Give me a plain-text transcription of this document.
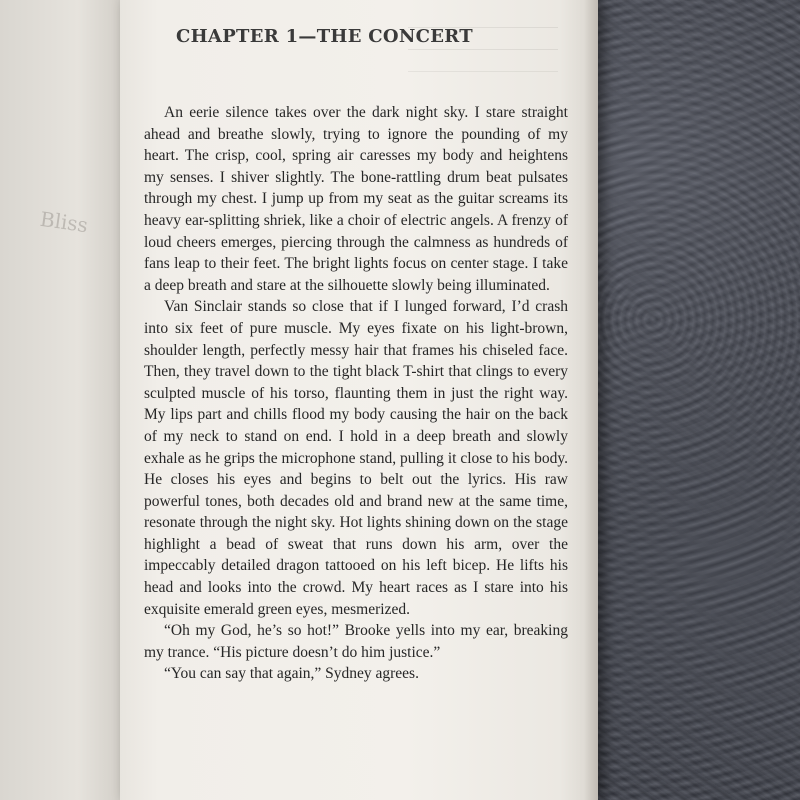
Bliss
CHAPTER 1—THE CONCERT

An eerie silence takes over the dark night sky. I stare straight ahead and breathe slowly, trying to ignore the pounding of my heart. The crisp, cool, spring air caresses my body and heightens my senses. I shiver slightly. The bone-rattling drum beat pulsates through my chest. I jump up from my seat as the guitar screams its heavy ear-splitting shriek, like a choir of electric angels. A frenzy of loud cheers emerges, piercing through the calmness as hundreds of fans leap to their feet. The bright lights focus on center stage. I take a deep breath and stare at the silhouette slowly being illuminated.

Van Sinclair stands so close that if I lunged forward, I’d crash into six feet of pure muscle. My eyes fixate on his light-brown, shoulder length, perfectly messy hair that frames his chiseled face. Then, they travel down to the tight black T-shirt that clings to every sculpted muscle of his torso, flaunting them in just the right way. My lips part and chills flood my body causing the hair on the back of my neck to stand on end. I hold in a deep breath and slowly exhale as he grips the microphone stand, pulling it close to his body. He closes his eyes and begins to belt out the lyrics. His raw powerful tones, both decades old and brand new at the same time, resonate through the night sky. Hot lights shining down on the stage highlight a bead of sweat that runs down his arm, over the impeccably detailed dragon tattooed on his left bicep. He lifts his head and looks into the crowd. My heart races as I stare into his exquisite emerald green eyes, mesmerized.

“Oh my God, he’s so hot!” Brooke yells into my ear, breaking my trance. “His picture doesn’t do him justice.”

“You can say that again,” Sydney agrees.
